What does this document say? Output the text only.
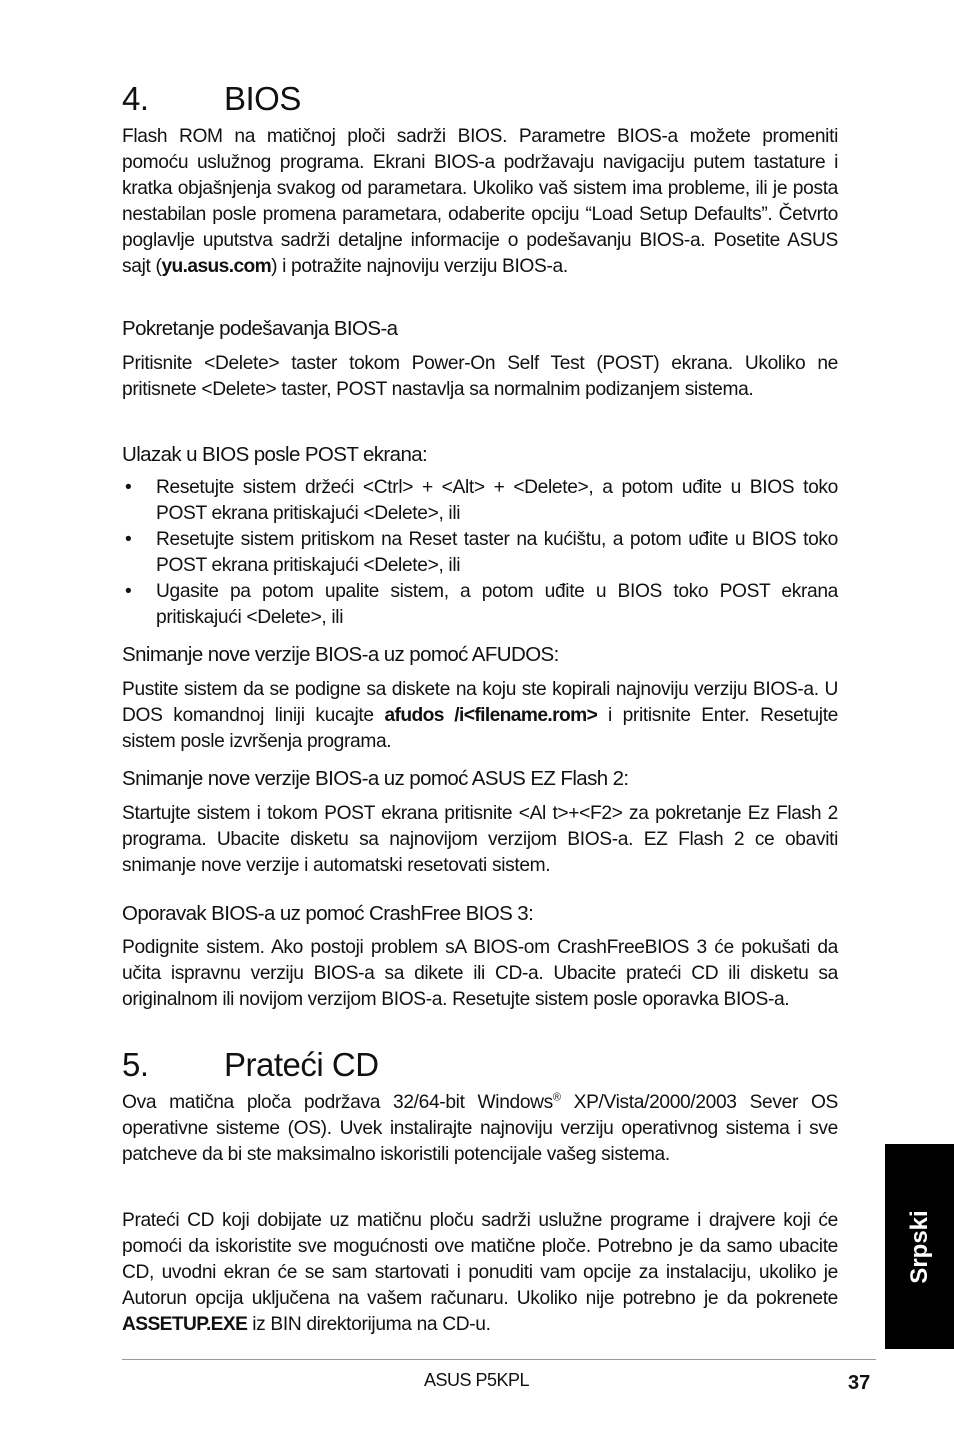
4. BIOS

Flash ROM na matičnoj ploči sadrži BIOS. Parametre BIOS-a možete promeniti pomoću uslužnog programa. Ekrani BIOS-a podržavaju navigaciju putem tastature i kratka objašnjenja svakog od parametara. Ukoliko vaš sistem ima probleme, ili je posta nestabilan posle promena parametara, odaberite opciju “Load Setup Defaults”. Četvrto poglavlje uputstva sadrži detaljne informacije o podešavanju BIOS-a. Posetite ASUS sajt (yu.asus.com) i potražite najnoviju verziju BIOS-a.

Pokretanje podešavanja BIOS-a

Pritisnite <Delete> taster tokom Power-On Self Test (POST) ekrana. Ukoliko ne pritisnete <Delete> taster, POST nastavlja sa normalnim podizanjem sistema.

Ulazak u BIOS posle POST ekrana:
• Resetujte sistem držeći <Ctrl> + <Alt> + <Delete>, a potom uđite u BIOS toko POST ekrana pritiskajući <Delete>, ili
• Resetujte sistem pritiskom na Reset taster na kućištu, a potom uđite u BIOS toko POST ekrana pritiskajući <Delete>, ili
• Ugasite pa potom upalite sistem, a potom uđite u BIOS toko POST ekrana pritiskajući <Delete>, ili
Snimanje nove verzije BIOS-a uz pomoć AFUDOS:

Pustite sistem da se podigne sa diskete na koju ste kopirali najnoviju verziju BIOS-a. U DOS komandnoj liniji kucajte afudos /i<filename.rom> i pritisnite Enter. Resetujte sistem posle izvršenja programa.

Snimanje nove verzije BIOS-a uz pomoć ASUS EZ Flash 2:

Startujte sistem i tokom POST ekrana pritisnite <Al t>+<F2> za pokretanje Ez Flash 2 programa. Ubacite disketu sa najnovijom verzijom BIOS-a. EZ Flash 2 ce obaviti snimanje nove verzije i automatski resetovati sistem.

Oporavak BIOS-a uz pomoć CrashFree BIOS 3:

Podignite sistem. Ako postoji problem sA BIOS-om CrashFreeBIOS 3 će pokušati da učita ispravnu verziju BIOS-a sa dikete ili CD-a. Ubacite prateći CD ili disketu sa originalnom ili novijom verzijom BIOS-a. Resetujte sistem posle oporavka BIOS-a.

5. Prateći CD

Ova matična ploča podržava 32/64-bit Windows® XP/Vista/2000/2003 Sever OS operativne sisteme (OS). Uvek instalirajte najnoviju verziju operativnog sistema i sve patcheve da bi ste maksimalno iskoristili potencijale vašeg sistema.

Prateći CD koji dobijate uz matičnu ploču sadrži uslužne programe i drajvere koji će pomoći da iskoristite sve mogućnosti ove matične ploče. Potrebno je da samo ubacite CD, uvodni ekran će se sam startovati i ponuditi vam opcije za instalaciju, ukoliko je Autorun opcija uključena na vašem računaru. Ukoliko nije potrebno je da pokrenete ASSETUP.EXE iz BIN direktorijuma na CD-u.

Srpski
ASUS P5KPL	37
